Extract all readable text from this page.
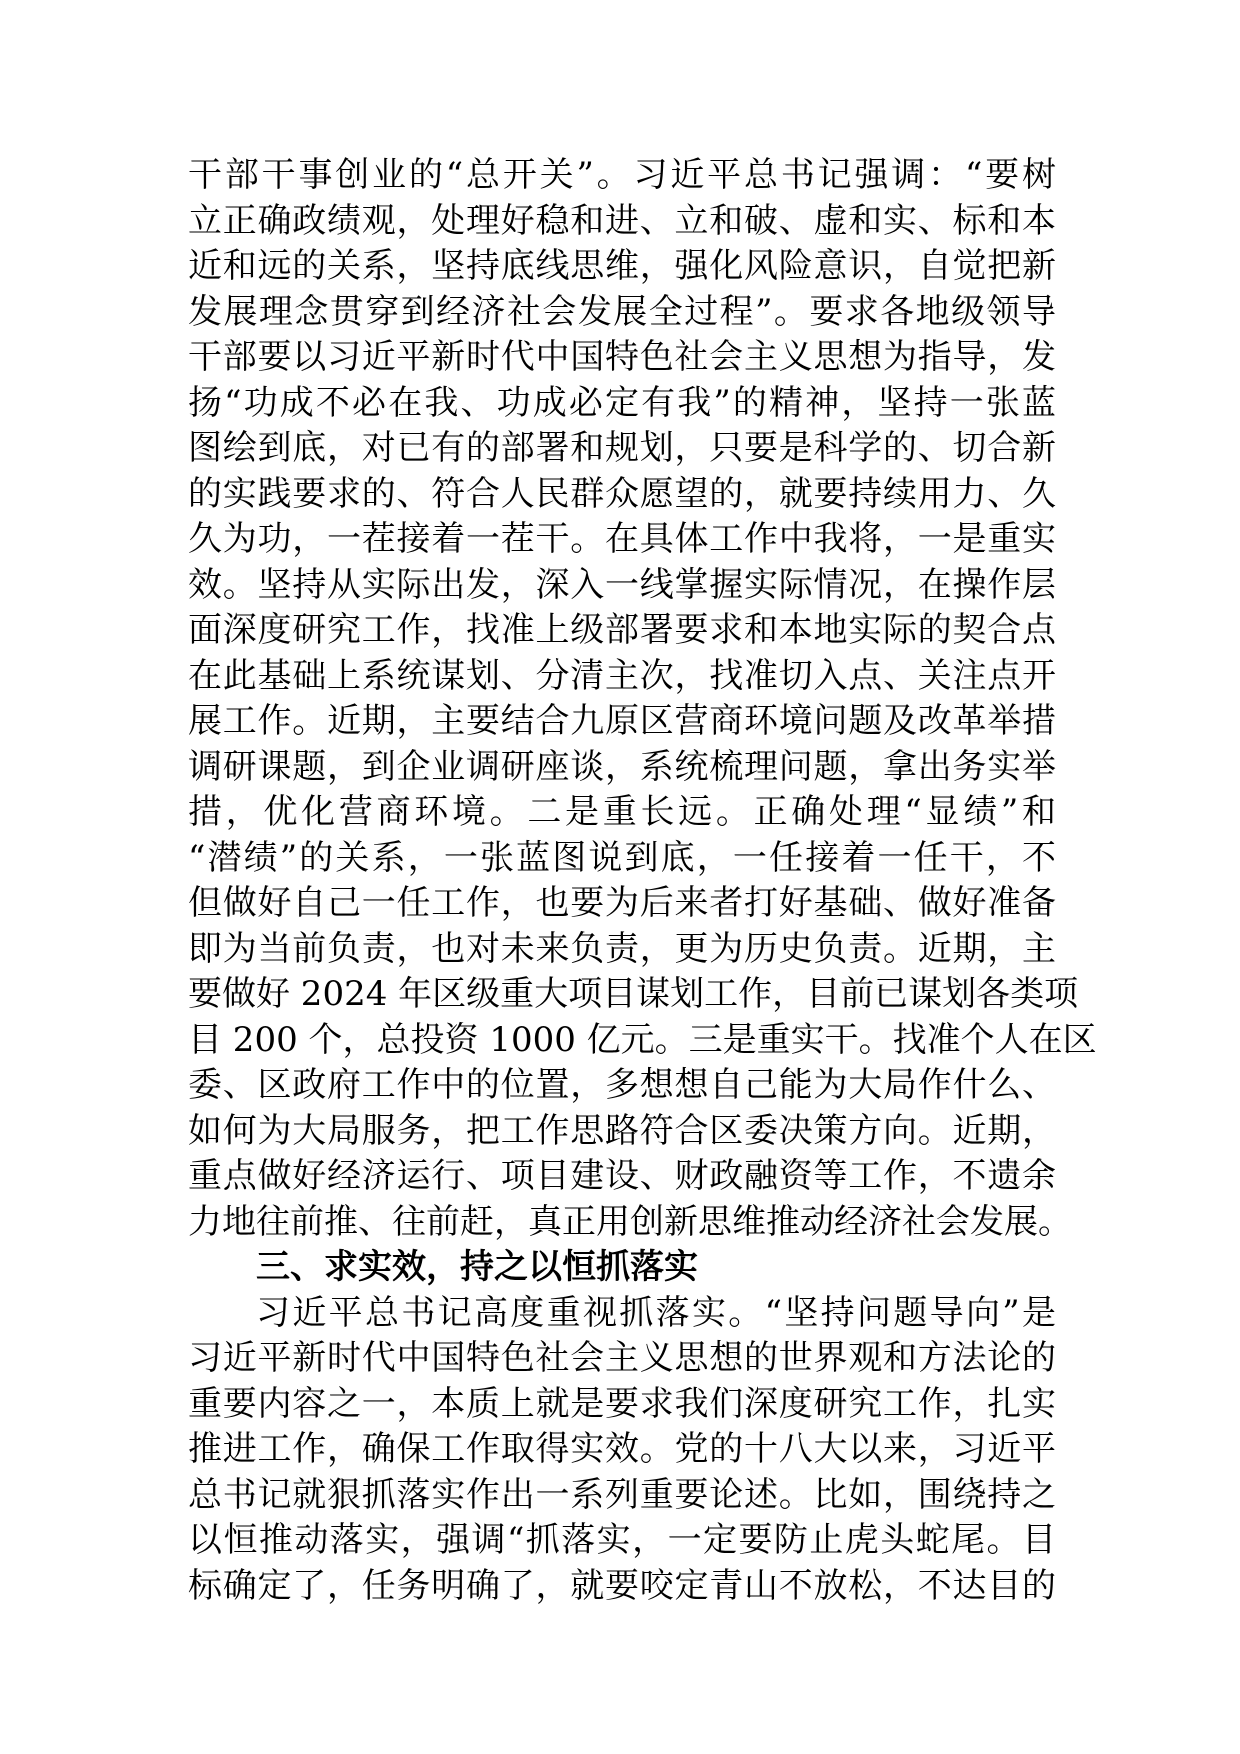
干部干事创业的“总开关”。习近平总书记强调：“要树
立正确政绩观，处理好稳和进、立和破、虚和实、标和本
近和远的关系，坚持底线思维，强化风险意识，自觉把新
发展理念贯穿到经济社会发展全过程”。要求各地级领导
干部要以习近平新时代中国特色社会主义思想为指导，发
扬“功成不必在我、功成必定有我”的精神，坚持一张蓝
图绘到底，对已有的部署和规划，只要是科学的、切合新
的实践要求的、符合人民群众愿望的，就要持续用力、久
久为功，一茬接着一茬干。在具体工作中我将，一是重实
效。坚持从实际出发，深入一线掌握实际情况，在操作层
面深度研究工作，找准上级部署要求和本地实际的契合点
在此基础上系统谋划、分清主次，找准切入点、关注点开
展工作。近期，主要结合九原区营商环境问题及改革举措
调研课题，到企业调研座谈，系统梳理问题，拿出务实举
措，优化营商环境。二是重长远。正确处理“显绩”和
“潜绩”的关系，一张蓝图说到底，一任接着一任干，不
但做好自己一任工作，也要为后来者打好基础、做好准备
即为当前负责，也对未来负责，更为历史负责。近期，主
要做好 2024 年区级重大项目谋划工作，目前已谋划各类项
目 200 个，总投资 1000 亿元。三是重实干。找准个人在区
委、区政府工作中的位置，多想想自己能为大局作什么、
如何为大局服务，把工作思路符合区委决策方向。近期，
重点做好经济运行、项目建设、财政融资等工作，不遗余
力地往前推、往前赶，真正用创新思维推动经济社会发展。
三、求实效，持之以恒抓落实
习近平总书记高度重视抓落实。“坚持问题导向”是
习近平新时代中国特色社会主义思想的世界观和方法论的
重要内容之一，本质上就是要求我们深度研究工作，扎实
推进工作，确保工作取得实效。党的十八大以来，习近平
总书记就狠抓落实作出一系列重要论述。比如，围绕持之
以恒推动落实，强调“抓落实，一定要防止虎头蛇尾。目
标确定了，任务明确了，就要咬定青山不放松，不达目的
